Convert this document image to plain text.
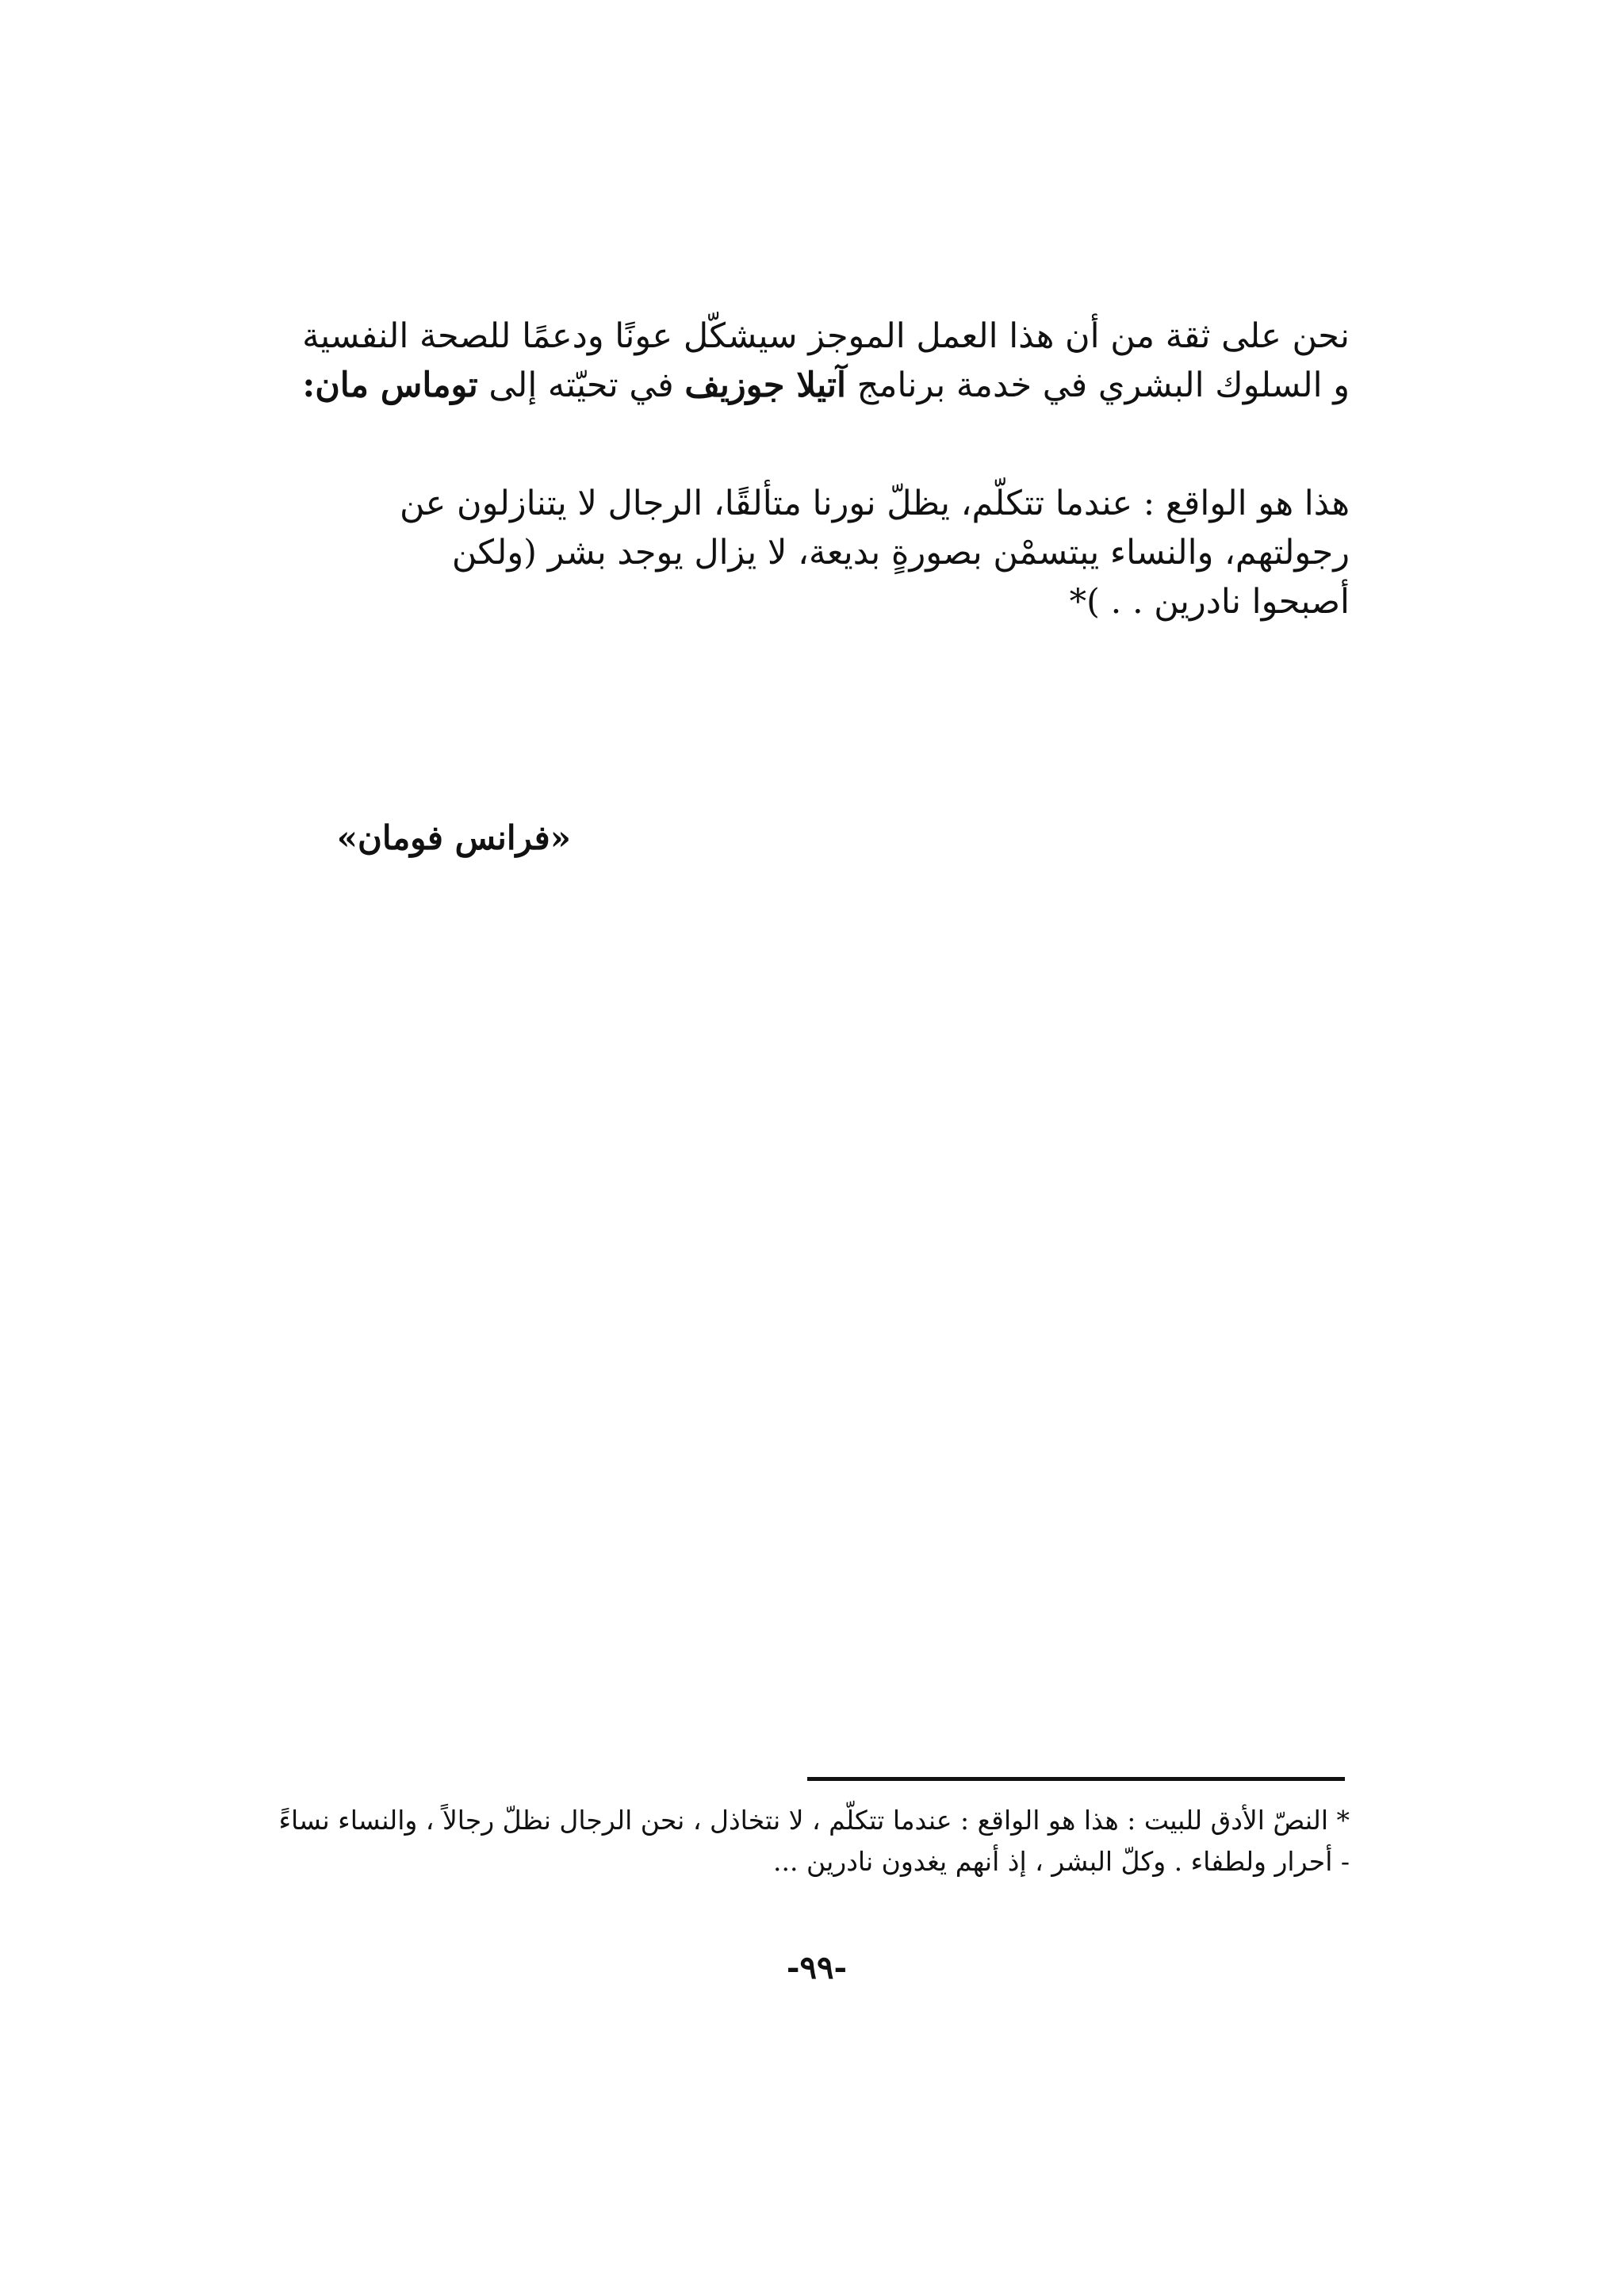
نحن على ثقة من أن هذا العمل الموجز سيشكّل عونًا ودعمًا للصحة النفسية
و السلوك البشري في خدمة برنامج آتيلا جوزيف في تحيّته إلى توماس مان:
هذا هو الواقع : عندما تتكلّم، يظلّ نورنا متألقًا، الرجال لا يتنازلون عن
رجولتهم، والنساء يبتسمْن بصورةٍ بديعة، لا يزال يوجد بشر (ولكن
أصبحوا نادرين . . )*
«فرانس فومان»
* النصّ الأدق للبيت : هذا هو الواقع : عندما تتكلّم ، لا نتخاذل ، نحن الرجال نظلّ رجالاً ، والنساء نساءً
- أحرار ولطفاء . وكلّ البشر ، إذ أنهم يغدون نادرين ...
-٩٩-
